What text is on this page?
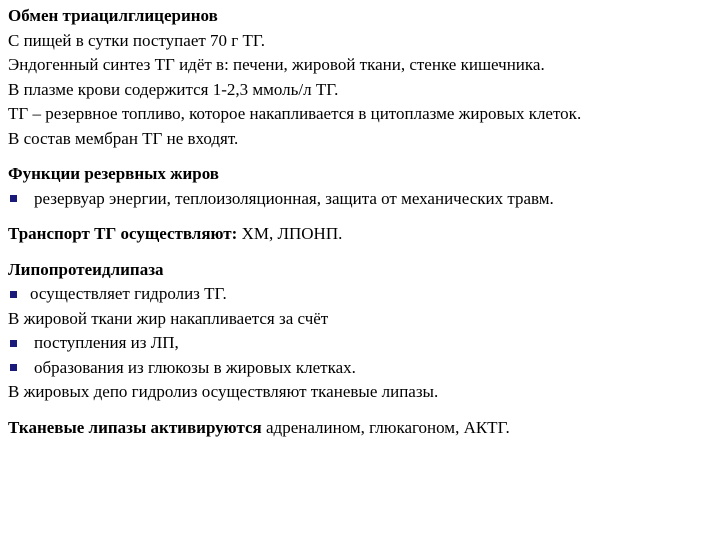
Обмен триацилглицеринов
С пищей в сутки поступает 70 г ТГ.
Эндогенный синтез ТГ идёт в: печени, жировой ткани, стенке кишечника.
В плазме крови содержится 1-2,3 ммоль/л ТГ.
ТГ – резервное топливо, которое накапливается в цитоплазме жировых клеток.
В состав мембран ТГ не входят.
Функции резервных жиров
резервуар энергии, теплоизоляционная, защита от механических травм.
Транспорт ТГ осуществляют: ХМ, ЛПОНП.
Липопротеидлипаза
осуществляет гидролиз ТГ.
В жировой ткани жир накапливается за счёт
поступления из ЛП,
образования из глюкозы в жировых клетках.
В жировых депо гидролиз осуществляют тканевые липазы.
Тканевые липазы активируются адреналином, глюкагоном, АКТГ.
